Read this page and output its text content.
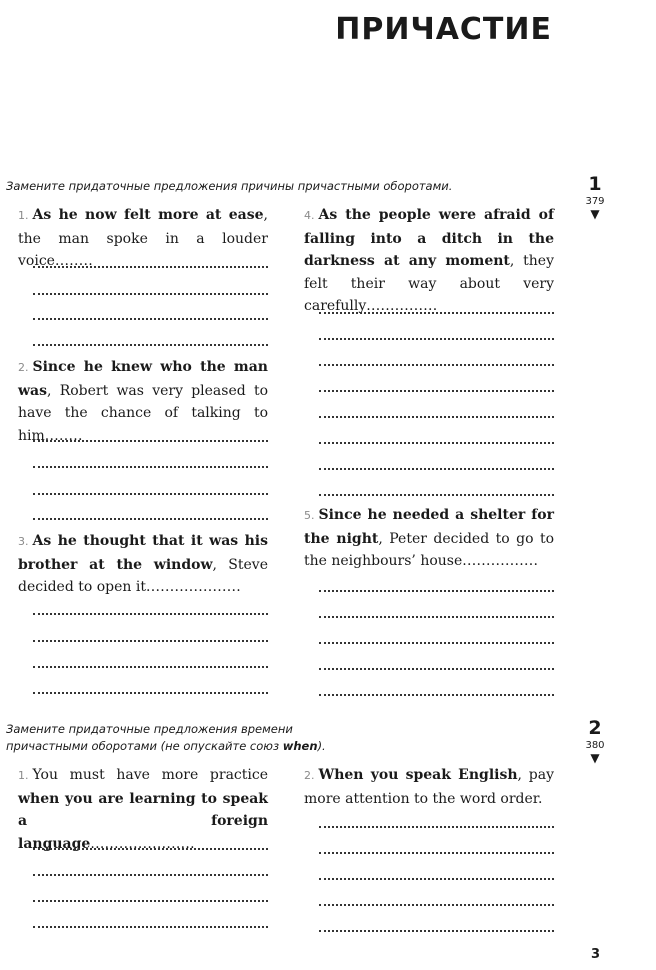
ПРИЧАСТИЕ
Замените придаточные предложения причины причастными оборотами.	1
379
▼

1. As he now felt more at ease, the man spoke in a louder voice........

2. Since he knew who the man was, Robert was very pleased to have the chance of talking to him........

3. As he thought that it was his brother at the window, Steve decided to open it....................

4. As the people were afraid of falling into a ditch in the darkness at any moment, they felt their way about very carefully...............

5. Since he needed a shelter for the night, Peter decided to go to the neighbours’ house................

Замените придаточные предложения времени
причастными оборотами (не опускайте союз when).
2
380
▼

1. You must have more practice when you are learning to speak a foreign language......................

2. When you speak English, pay more attention to the word order.

3
